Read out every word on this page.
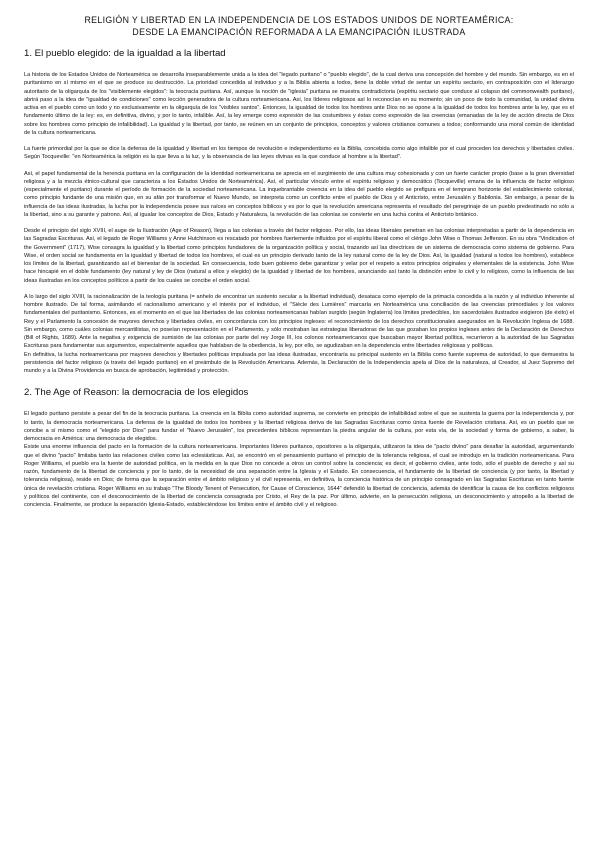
RELIGIÓN Y LIBERTAD EN LA INDEPENDENCIA DE LOS ESTADOS UNIDOS DE NORTEAMÉRICA:
DESDE LA EMANCIPACIÓN REFORMADA A LA EMANCIPACIÓN ILUSTRADA
1. El pueblo elegido: de la igualdad a la libertad

La historia de los Estados Unidos de Norteamérica se desarrolla inseparablemente unida a la idea del "legado puritano" o "pueblo elegido", de la cual deriva una concepción del hombre y del mundo. Sin embargo, es en el puritanismo en sí mismo en el que se produce su destrucción. La prioridad concedida al individuo y a la Biblia abierta a todos, tiene la doble virtud de sentar un espíritu sectario, en contraposición con el liderazgo autoritario de la oligarquía de los "visiblemente elegidos": la teocracia puritana. Así, aunque la noción de "iglesia" puritana se muestra contradictoria (espíritu sectario que conduce al colapso del commonwealth puritano), abrirá paso a la idea de "igualdad de condiciones" como lección generadora de la cultura norteamericana. Así, los líderes religiosos así lo reconocían en su momento; sin un poco de todo la comunidad, la unidad divina activa en el pueblo como un todo y no exclusivamente en la oligarquía de los "visibles santos". Entonces, la igualdad de todos los hombres ante Dios no se opone a la igualdad de todos los hombres ante la ley, que es el fundamento último de la ley: es, en definitiva, divino, y por lo tanto, infalible. Así, la ley emerge como expresión de las costumbres y éstas como expresión de las creencias (emanadas de la ley de acción directa de Dios sobre los hombres como principio de infalibilidad). La igualdad y la libertad, por tanto, se reúnen en un conjunto de principios, conceptos y valores cristianos comunes a todos; conformando una moral común de identidad de la cultura norteamericana.

La fuerte primordial por la que se dice la defensa de la igualdad y libertad en los tiempos de revolución e independentismo es la Biblia, concebida como algo infalible por el cual proceden los derechos y libertades civiles. Según Tocqueville: "en Norteamérica la religión es la que lleva a la luz, y la observancia de las leyes divinas es la que conduce al hombre a la libertad".

Así, el papel fundamental de la herencia puritana en la configuración de la identidad norteamericana se aprecia en el surgimiento de una cultura muy cohesionada y con un fuerte carácter propio (base a la gran diversidad religiosa y a la mezcla étnico-cultural que caracteriza a los Estados Unidos de Norteamérica). Así, el particular vínculo entre el espíritu religioso y democrático (Tocqueville) emana de la influencia de factor religioso (especialmente el puritano) durante el período de formación de la sociedad norteamericana. La inquebrantable creencia en la idea del pueblo elegido se prefigura en el temprano horizonte del establecimiento colonial, como principio fundante de una misión que, en su afán por transformar el Nuevo Mundo, se interpreta como un conflicto entre el pueblo de Dios y el Anticristo, entre Jerusalén y Babilonia. Sin embargo, a pesar de la influencia de las ideas ilustradas, la lucha por la independencia posee sus raíces en conceptos bíblicos y es por lo que la revolución americana representa el resultado del peregrinaje de un pueblo predestinado no sólo a la libertad, sino a su garante y patrono. Así, al igualar los conceptos de Dios, Estado y Naturaleza, la revolución de las colonias se convierte en una lucha contra el Anticristo británico.

Desde el principio del siglo XVIII, el auge de la Ilustración (Age of Reason), llega a las colonias a través del factor religioso. Por ello, las ideas liberales penetran en las colonias interpretadas a partir de la dependencia en las Sagradas Escrituras. Así, el legado de Roger Williams y Anne Hutchinson es rescatado por hombres fuertemente influidos por el espíritu liberal como el clérigo John Wise o Thomas Jefferson. En su obra "Vindication of the Government" (1717), Wise consagra la igualdad y la libertad como principios fundadores de la organización política y social, trazando así las directrices de un sistema de democracia como sistema de gobierno. Para Wise, el orden social se fundamenta en la igualdad y libertad de todos los hombres, el cual es un principio derivado tanto de la ley natural como de la ley de Dios. Así, la igualdad (natural a todos los hombres), establece los límites de la libertad, garantizando así el bienestar de la sociedad. En consecuencia, todo buen gobierno debe garantizar y velar por el respeto a estos principios originales y elementales de la existencia. John Wise hace hincapié en el doble fundamento (ley natural y ley de Dios (natural a ellos y elegido) de la igualdad y libertad de los hombres, anunciando así tanto la distinción entre lo civil y lo religioso, como la influencia de las ideas ilustradas en los conceptos políticos a partir de los cuales se concibe el orden social.

A lo largo del siglo XVIII, la racionalización de la teología puritana (= anhelo de encontrar un sustento secular a la libertad individual), desataca como ejemplo de la primacía concedida a la razón y al individuo inherente al hombre ilustrado. De tal forma, asimilando el racionalismo americano y el interés por el individuo, el "Siècle des Lumières" marcaría en Norteamérica una conciliación de las creencias primordiales y los valores fundamentales del puritanismo. Entonces, es el momento en el que las libertades de las colonias norteamericanas habían surgido (según Inglaterra) los límites predecibles, los sacerdotales ilustrados exigieron (de éxito) el Rey y el Parlamento la concesión de mayores derechos y libertades civiles, en concordancia con los principios ingleses: el reconocimiento de los derechos constitucionales asegurados en la Revolución Inglesa de 1688. Sin embargo, como cuáles colonias mercantilistas, no poseían representación en el Parlamento, y sólo mostraban las estrategias liberadoras de las que gozaban los propios ingleses antes de la Declaración de Derechos (Bill of Rights, 1689). Ante la negativa y exigencia de sumisión de las colonias por parte del rey Jorge III, los colonos norteamericanos que buscaban mayor libertad política, recurrieron a la autoridad de las Sagradas Escrituras para fundamentar sus argumentos, especialmente aquellos que hablaban de la obediencia, la ley, por ello, se agudizaban en la dependencia entre libertades religiosas y políticas.

En definitiva, la lucha norteamericana por mayores derechos y libertades políticas impulsada por las ideas ilustradas, encontraría su principal sustento en la Biblia como fuente suprema de autoridad, lo que demuestra la persistencia del factor religioso (a través del legado puritano) en el preámbulo de la Revolución Americana. Además, la Declaración de la Independencia apela al Dios de la naturaleza, al Creador, al Juez Supremo del mundo y a la Divina Providencia en busca de aprobación, legitimidad y protección.

2. The Age of Reason: la democracia de los elegidos

El legado puritano persiste a pesar del fin de la teocracia puritana. La creencia en la Biblia como autoridad suprema, se convierte en principio de infalibilidad sobre el que se sustenta la guerra por la independencia y, por lo tanto, la democracia norteamericana. La defensa de la igualdad de todos los hombres y la libertad religiosa deriva de las Sagradas Escrituras como única fuente de Revelación cristiana. Así, es un pueblo que se concibe a sí mismo como el "elegido por Dios" para fundar el "Nuevo Jerusalén", los precedentes bíblicos representan la piedra angular de la cultura, por esta vía, de la sociedad y forma de gobierno, a saber, la democracia en América: una democracia de elegidos.

Existe una enorme influencia del pacto en la formación de la cultura norteamericana. Importantes líderes puritanos, opositores a la oligarquía, utilizaron la idea de "pacto divino" para desafiar la autoridad, argumentando que el divino "pacto" limitaba tanto las relaciones civiles como las eclesiásticas. Así, se encontró en el pensamiento puritano el principio de la tolerancia religiosa, el cual se introdujo en la tradición norteamericana. Para Roger Williams, el pueblo era la fuente de autoridad política, en la medida en la que Dios no concede a otros un control sobre la conciencia; es decir, el gobierno civiles, ante todo, sólo el pueblo de derecho y así su razón, fundamento de la libertad de conciencia y por lo tanto, de la necesidad de una separación entre la Iglesia y el Estado. En consecuencia, el fundamento de la libertad de conciencia (y por tanto, la libertad y tolerancia religiosa), reside en Dios; de forma que la separación entre el ámbito religioso y el civil representa, en definitiva, la conciencia histórica de un principio consagrado en las Sagradas Escrituras en tanto fuente única de revelación cristiana. Roger Williams en su trabajo "The Bloody Tenent of Persecution, for Cause of Conscience, 1644" defendió la libertad de conciencia, además de identificar la causa de los conflictos religiosos y políticos del continente, con el desconocimiento de la libertad de conciencia consagrada por Cristo, el Rey de la paz. Por último, advierte, en la persecución religiosa, un desconocimiento y atropello a la libertad de conciencia. Finalmente, se produce la separación Iglesia-Estado, estableciéndose los límites entre el ámbito civil y el religioso.
